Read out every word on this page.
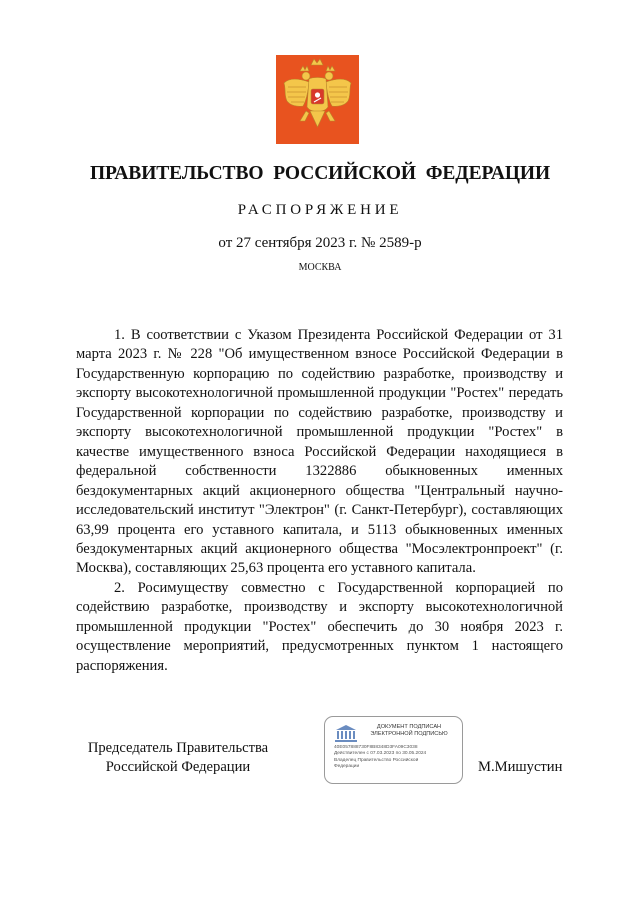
ПРАВИТЕЛЬСТВО РОССИЙСКОЙ ФЕДЕРАЦИИ
РАСПОРЯЖЕНИЕ
от 27 сентября 2023 г. № 2589-р
МОСКВА

1. В соответствии с Указом Президента Российской Федерации от 31 марта 2023 г. № 228 "Об имущественном взносе Российской Федерации в Государственную корпорацию по содействию разработке, производству и экспорту высокотехнологичной промышленной продукции "Ростех" передать Государственной корпорации по содействию разработке, производству и экспорту высокотехнологичной промышленной продукции "Ростех" в качестве имущественного взноса Российской Федерации находящиеся в федеральной собственности 1322886 обыкновенных именных бездокументарных акций акционерного общества "Центральный научно-исследовательский институт "Электрон" (г. Санкт-Петербург), составляющих 63,99 процента его уставного капитала, и 5113 обыкновенных именных бездокументарных акций акционерного общества "Мосэлектронпроект" (г. Москва), составляющих 25,63 процента его уставного капитала.

2. Росимуществу совместно с Государственной корпорацией по содействию разработке, производству и экспорту высокотехнологичной промышленной продукции "Ростех" обеспечить до 30 ноября 2023 г. осуществление мероприятий, предусмотренных пунктом 1 настоящего распоряжения.

Председатель Правительства
Российской Федерации
ДОКУМЕНТ ПОДПИСАН
ЭЛЕКТРОННОЙ ПОДПИСЬЮ
40E057888730F8B8348D3FA09C3038
Действителен с 07.03.2023 по 30.05.2024
Владелец Правительство Российской
Федерации	М.Мишустин
